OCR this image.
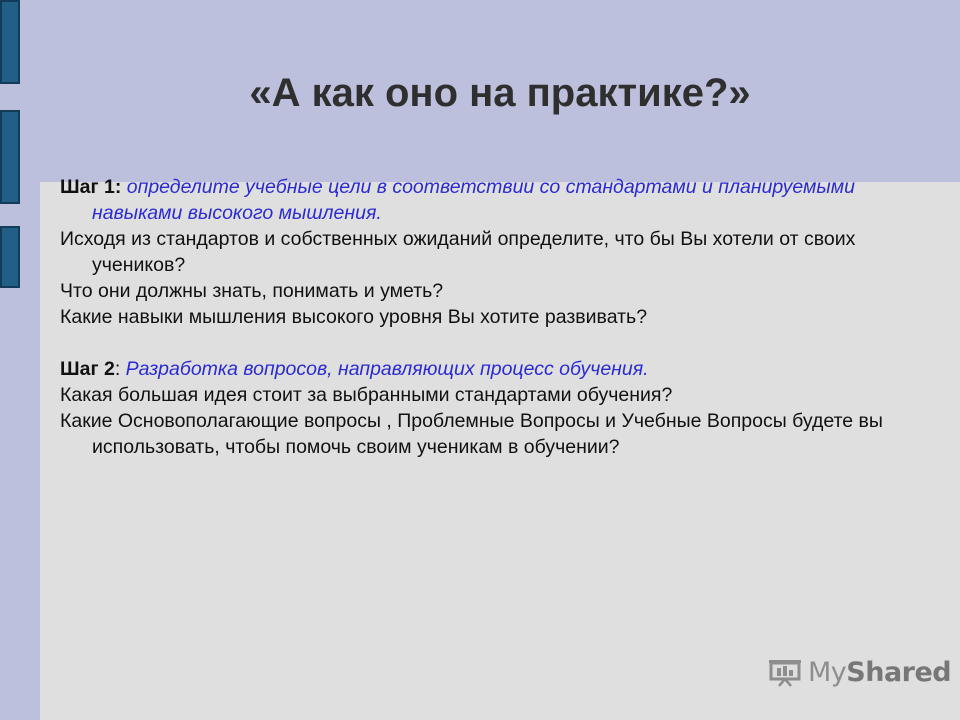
«А как оно на практике?»

Шаг 1: определите учебные цели в соответствии со стандартами и планируемыми навыками высокого мышления.

Исходя из стандартов и собственных ожиданий определите, что бы Вы хотели от своих учеников?

Что они должны знать, понимать и уметь?

Какие навыки мышления высокого уровня Вы хотите развивать?

Шаг 2: Разработка вопросов, направляющих процесс обучения.

Какая большая идея стоит за выбранными стандартами обучения?

Какие Основополагающие вопросы , Проблемные Вопросы и Учебные Вопросы будете вы использовать, чтобы помочь своим ученикам в обучении?

MyShared
